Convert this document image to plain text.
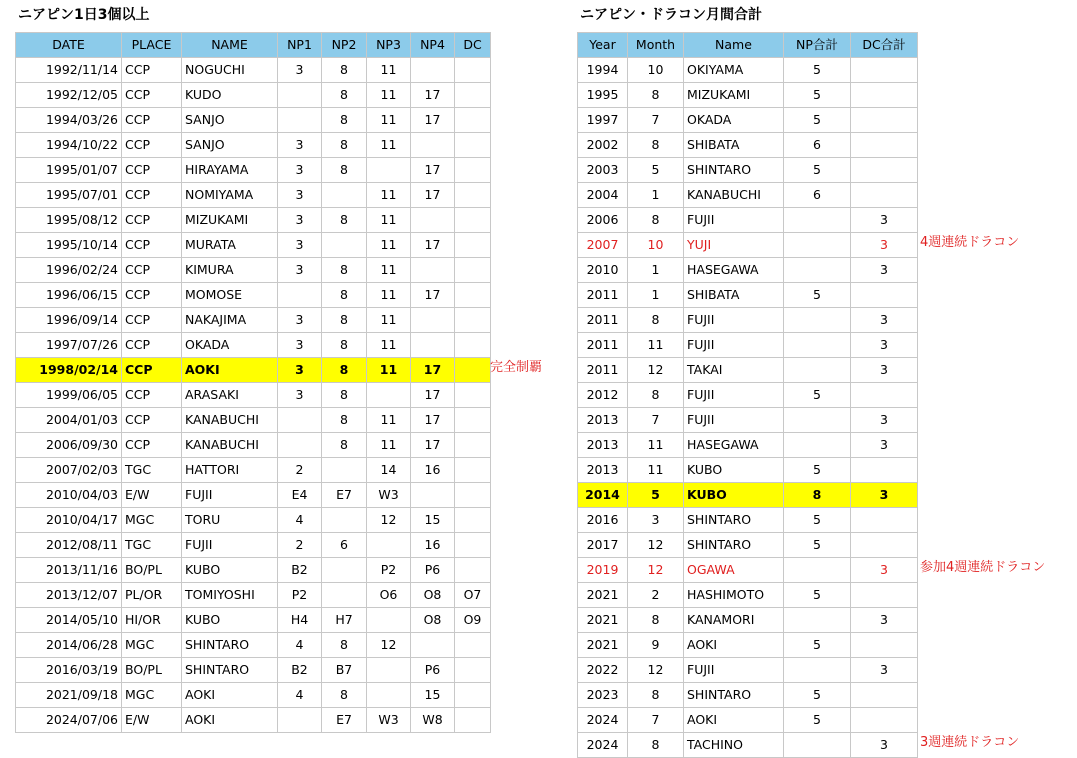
ニアピン1日3個以上	ニアピン・ドラコン月間合計
DATE	PLACE	NAME	NP1	NP2	NP3	NP4	DC
1992/11/14	CCP	NOGUCHI	3	8	11		
1992/12/05	CCP	KUDO		8	11	17	
1994/03/26	CCP	SANJO		8	11	17	
1994/10/22	CCP	SANJO	3	8	11		
1995/01/07	CCP	HIRAYAMA	3	8		17	
1995/07/01	CCP	NOMIYAMA	3		11	17	
1995/08/12	CCP	MIZUKAMI	3	8	11		
1995/10/14	CCP	MURATA	3		11	17	
1996/02/24	CCP	KIMURA	3	8	11		
1996/06/15	CCP	MOMOSE		8	11	17	
1996/09/14	CCP	NAKAJIMA	3	8	11		
1997/07/26	CCP	OKADA	3	8	11		
1998/02/14	CCP	AOKI	3	8	11	17	
1999/06/05	CCP	ARASAKI	3	8		17	
2004/01/03	CCP	KANABUCHI		8	11	17	
2006/09/30	CCP	KANABUCHI		8	11	17	
2007/02/03	TGC	HATTORI	2		14	16	
2010/04/03	E/W	FUJII	E4	E7	W3		
2010/04/17	MGC	TORU	4		12	15	
2012/08/11	TGC	FUJII	2	6		16	
2013/11/16	BO/PL	KUBO	B2		P2	P6	
2013/12/07	PL/OR	TOMIYOSHI	P2		O6	O8	O7
2014/05/10	HI/OR	KUBO	H4	H7		O8	O9
2014/06/28	MGC	SHINTARO	4	8	12		
2016/03/19	BO/PL	SHINTARO	B2	B7		P6	
2021/09/18	MGC	AOKI	4	8		15	
2024/07/06	E/W	AOKI		E7	W3	W8	
Year	Month	Name	NP合計	DC合計
1994	10	OKIYAMA	5	
1995	8	MIZUKAMI	5	
1997	7	OKADA	5	
2002	8	SHIBATA	6	
2003	5	SHINTARO	5	
2004	1	KANABUCHI	6	
2006	8	FUJII		3
2007	10	YUJI		3
2010	1	HASEGAWA		3
2011	1	SHIBATA	5	
2011	8	FUJII		3
2011	11	FUJII		3
2011	12	TAKAI		3
2012	8	FUJII	5	
2013	7	FUJII		3
2013	11	HASEGAWA		3
2013	11	KUBO	5	
2014	5	KUBO	8	3
2016	3	SHINTARO	5	
2017	12	SHINTARO	5	
2019	12	OGAWA		3
2021	2	HASHIMOTO	5	
2021	8	KANAMORI		3
2021	9	AOKI	5	
2022	12	FUJII		3
2023	8	SHINTARO	5	
2024	7	AOKI	5	
2024	8	TACHINO		3
完全制覇
4週連続ドラコン
参加4週連続ドラコン
3週連続ドラコン
